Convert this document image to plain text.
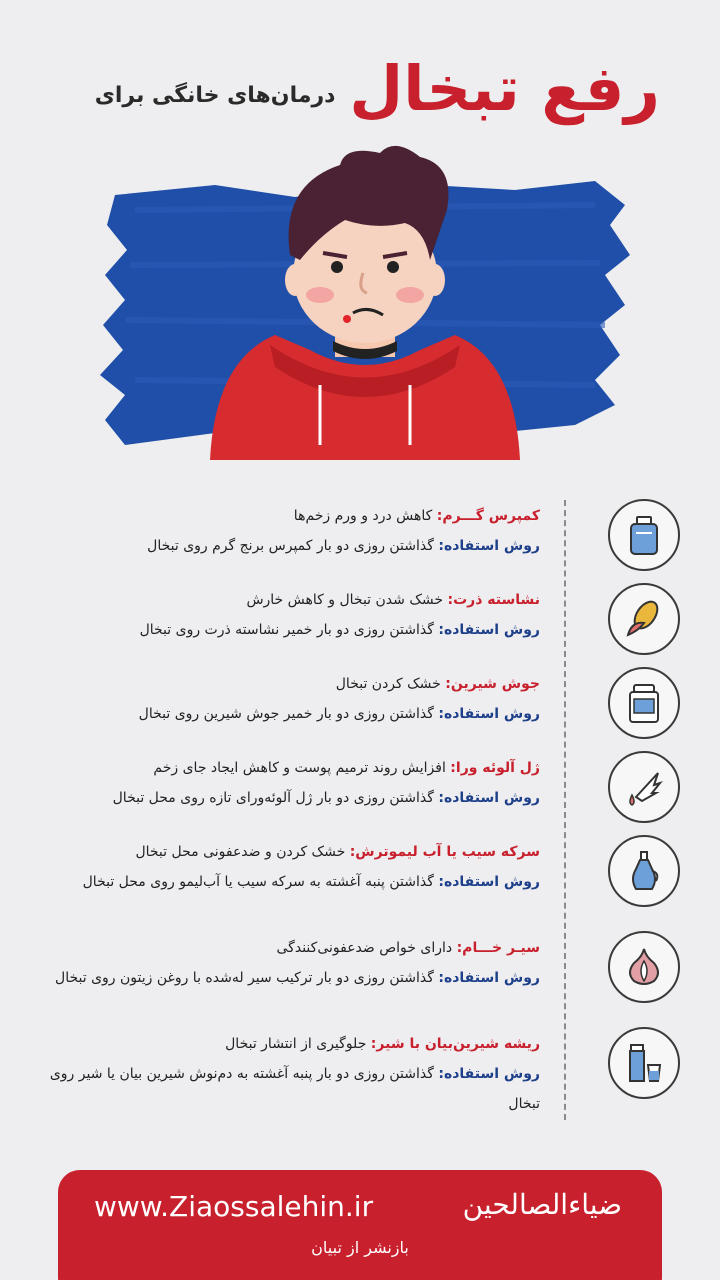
رفع تبخال
درمان‌های خانگی برای
کمپرس گـــرم: کاهش درد و ورم زخم‌ها
روش استفاده: گذاشتن روزی دو بار کمپرس برنج گرم روی تبخال
نشاسته ذرت: خشک شدن تبخال و کاهش خارش
روش استفاده: گذاشتن روزی دو بار خمیر نشاسته ذرت روی تبخال
جوش شیرین: خشک کردن تبخال
روش استفاده: گذاشتن روزی دو بار خمیر جوش شیرین روی تبخال
ژل آلوئه ورا: افزایش روند ترمیم پوست و کاهش ایجاد جای زخم
روش استفاده: گذاشتن روزی دو بار ژل آلوئه‌ورای تازه روی محل تبخال
سرکه سیب یا آب لیموترش: خشک کردن و ضدعفونی محل تبخال
روش استفاده: گذاشتن پنبه آغشته به سرکه سیب یا آب‌لیمو روی محل تبخال
سیـر خـــام: دارای خواص ضدعفونی‌کنندگی
روش استفاده: گذاشتن روزی دو بار ترکیب سیر له‌شده با روغن زیتون روی تبخال
ریشه شیرین‌بیان با شیر: جلوگیری از انتشار تبخال
روش استفاده: گذاشتن روزی دو بار پنبه آغشته به دم‌نوش شیرین بیان یا شیر روی تبخال
www.Ziaossalehin.ir	ضیاء‌الصالحین
بازنشر از تبیان
